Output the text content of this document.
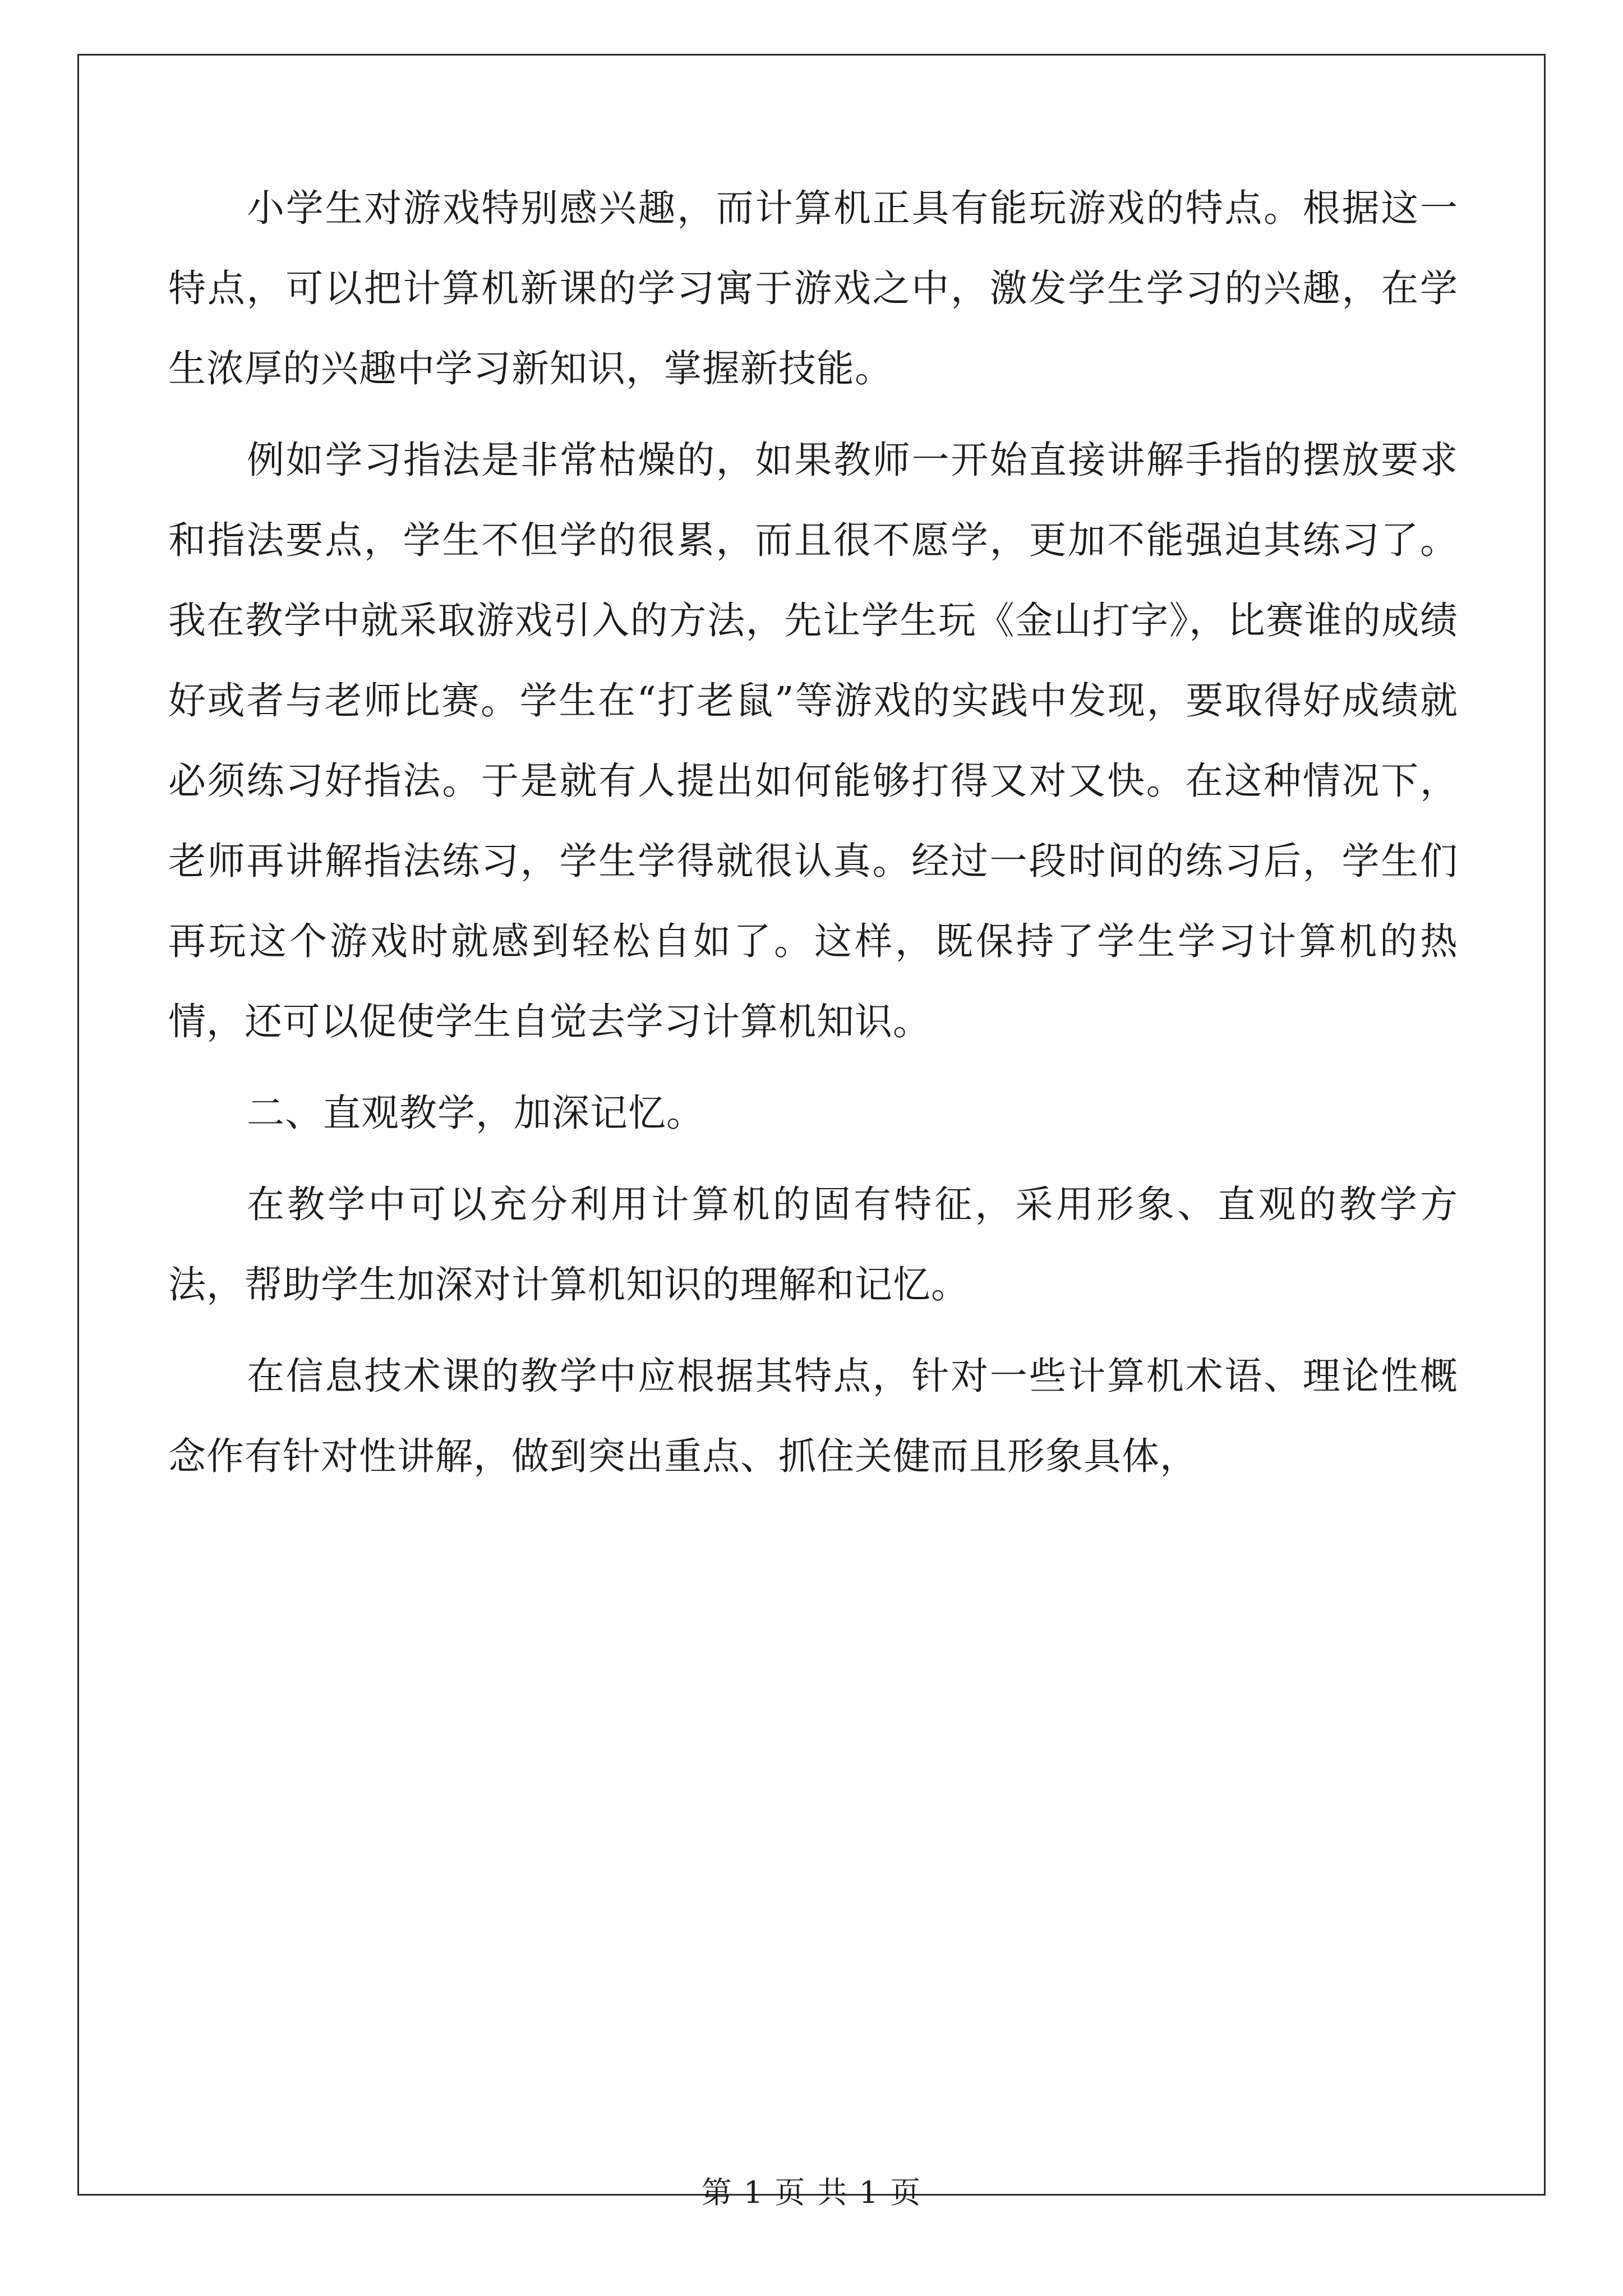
小学生对游戏特别感兴趣，而计算机正具有能玩游戏的特点。根据这一特点，可以把计算机新课的学习寓于游戏之中，激发学生学习的兴趣，在学生浓厚的兴趣中学习新知识，掌握新技能。

例如学习指法是非常枯燥的，如果教师一开始直接讲解手指的摆放要求和指法要点，学生不但学的很累，而且很不愿学，更加不能强迫其练习了。我在教学中就采取游戏引入的方法，先让学生玩《金山打字》，比赛谁的成绩好或者与老师比赛。学生在“打老鼠”等游戏的实践中发现，要取得好成绩就必须练习好指法。于是就有人提出如何能够打得又对又快。在这种情况下，老师再讲解指法练习，学生学得就很认真。经过一段时间的练习后，学生们再玩这个游戏时就感到轻松自如了。这样，既保持了学生学习计算机的热情，还可以促使学生自觉去学习计算机知识。

二、直观教学，加深记忆。

在教学中可以充分利用计算机的固有特征，采用形象、直观的教学方法，帮助学生加深对计算机知识的理解和记忆。

在信息技术课的教学中应根据其特点，针对一些计算机术语、理论性概念作有针对性讲解，做到突出重点、抓住关健而且形象具体，

第 1 页 共 1 页
